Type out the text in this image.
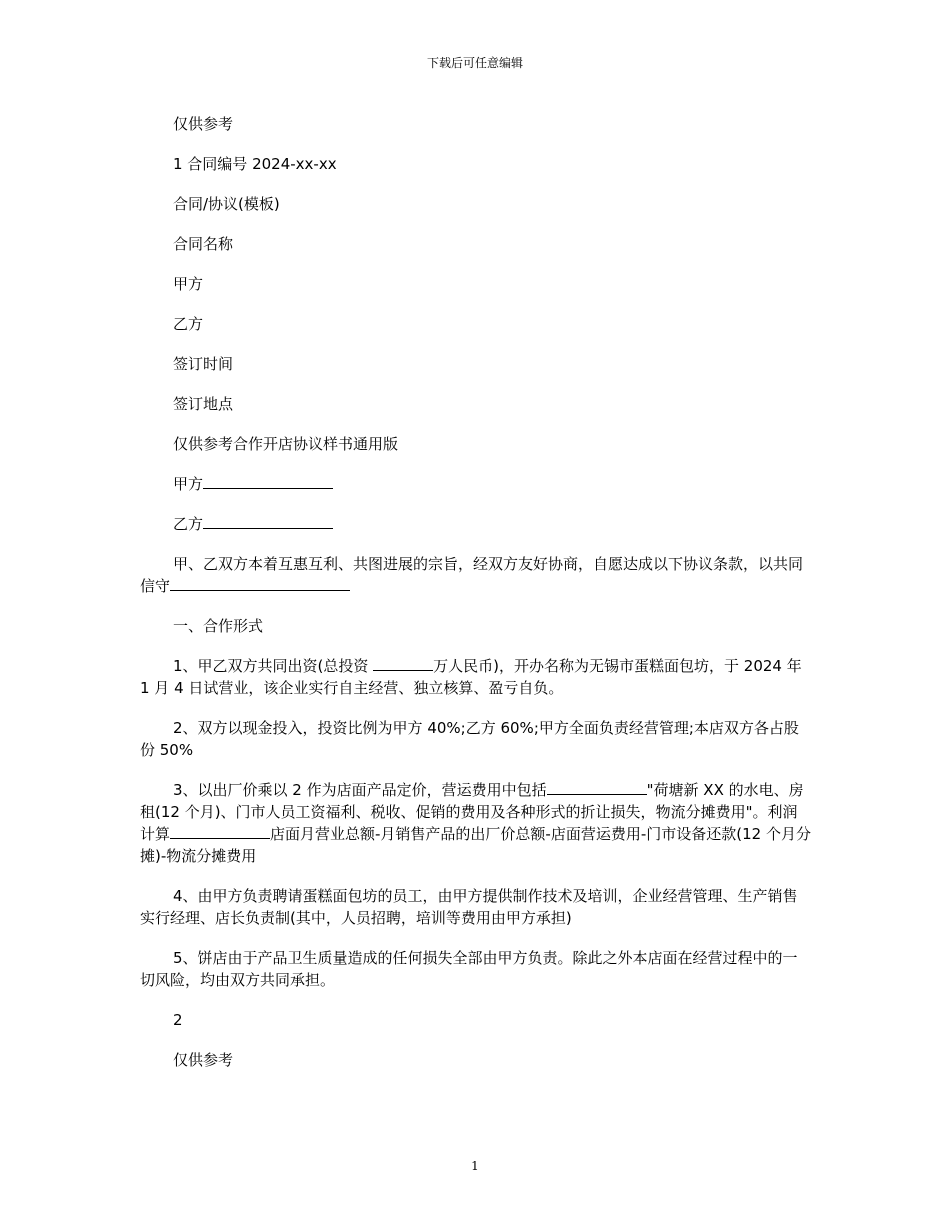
下载后可任意编辑

仅供参考

1 合同编号 2024-xx-xx

合同/协议(模板)

合同名称

甲方

乙方

签订时间

签订地点

仅供参考合作开店协议样书通用版

甲方

乙方

甲、乙双方本着互惠互利、共图进展的宗旨，经双方友好协商，自愿达成以下协议条款，以共同信守

一、合作形式

1、甲乙双方共同出资(总投资	万人民币)，开办名称为无锡市蛋糕面包坊，于 2024 年 1 月 4 日试营业，该企业实行自主经营、独立核算、盈亏自负。

2、双方以现金投入，投资比例为甲方 40%;乙方 60%;甲方全面负责经营管理;本店双方各占股份 50%

3、以出厂价乘以 2 作为店面产品定价，营运费用中包括	"荷塘新 XX 的水电、房租(12 个月)、门市人员工资福利、税收、促销的费用及各种形式的折让损失，物流分摊费用"。利润计算	店面月营业总额-月销售产品的出厂价总额-店面营运费用-门市设备还款(12 个月分摊)-物流分摊费用

4、由甲方负责聘请蛋糕面包坊的员工，由甲方提供制作技术及培训，企业经营管理、生产销售实行经理、店长负责制(其中，人员招聘，培训等费用由甲方承担)

5、饼店由于产品卫生质量造成的任何损失全部由甲方负责。除此之外本店面在经营过程中的一切风险，均由双方共同承担。

2

仅供参考

1
